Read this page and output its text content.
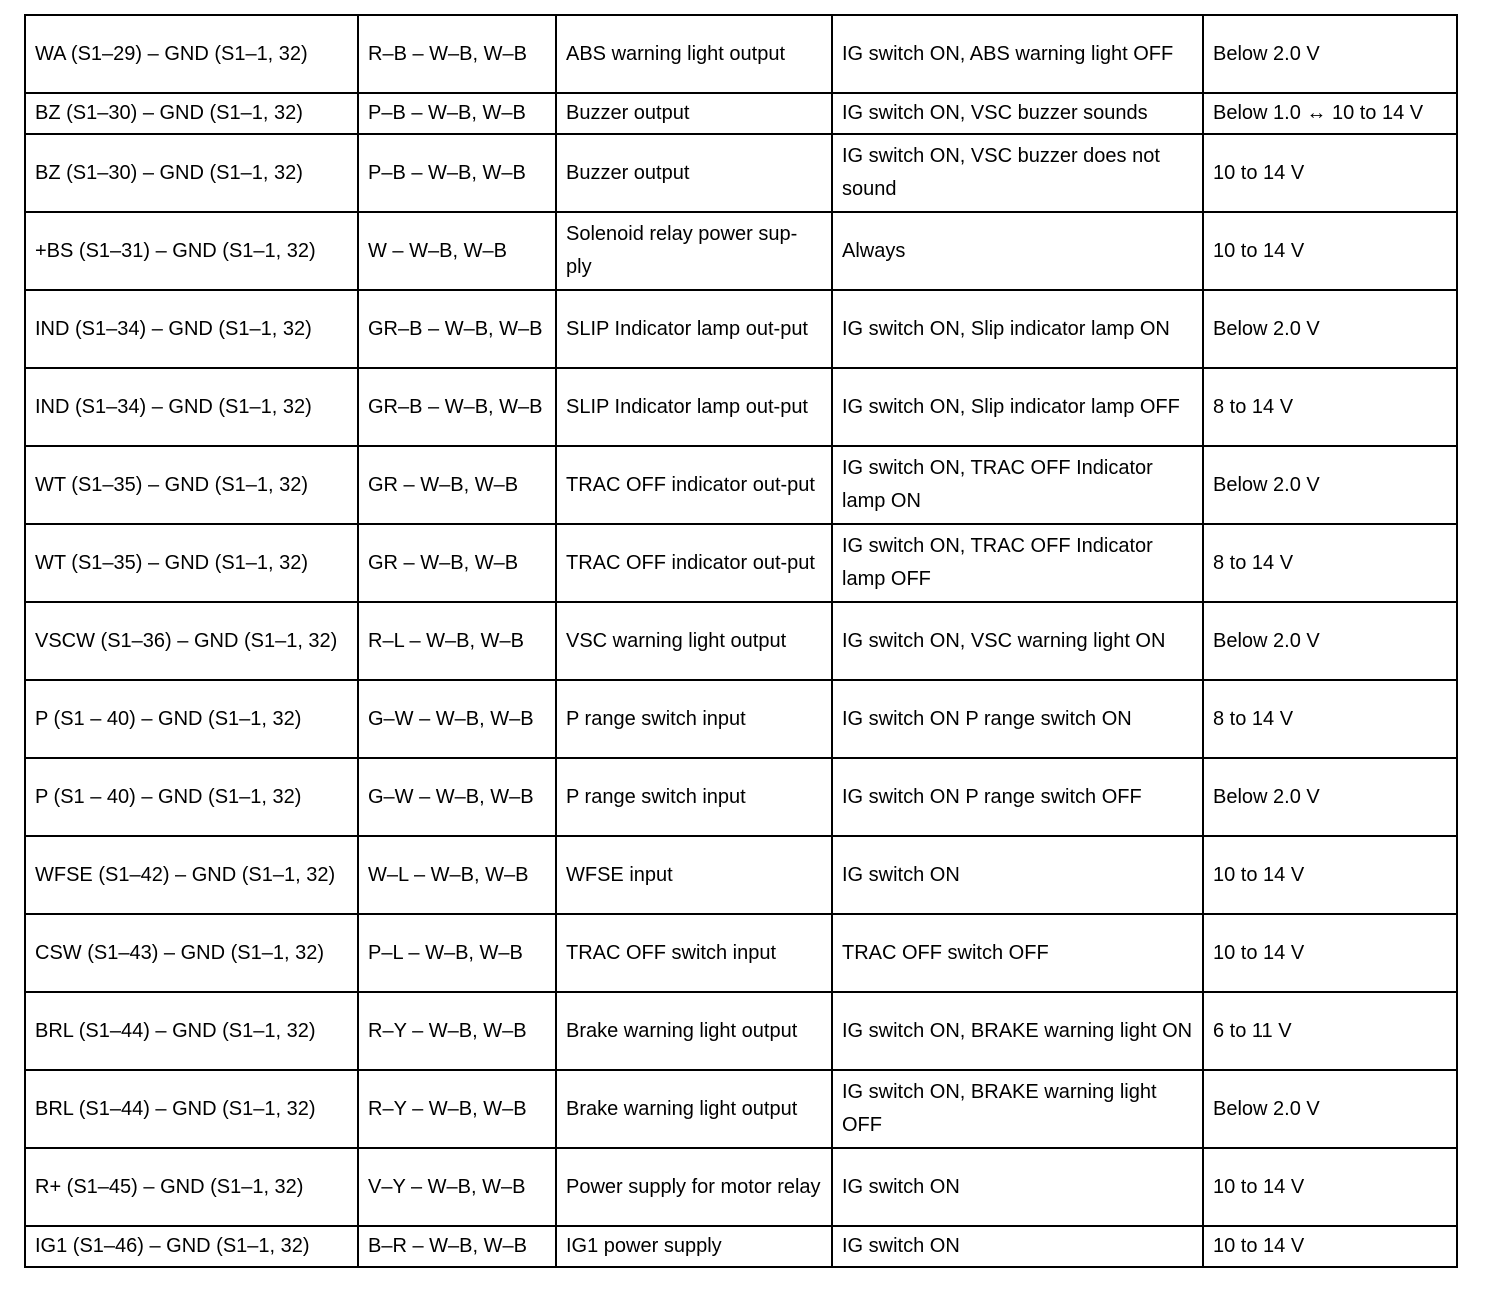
WA (S1–29) – GND (S1–1, 32)	R–B – W–B, W–B	ABS warning light output	IG switch ON, ABS warning light OFF	Below 2.0 V
BZ (S1–30) – GND (S1–1, 32)	P–B – W–B, W–B	Buzzer output	IG switch ON, VSC buzzer sounds	Below 1.0 ↔ 10 to 14 V
BZ (S1–30) – GND (S1–1, 32)	P–B – W–B, W–B	Buzzer output	IG switch ON, VSC buzzer does not sound	10 to 14 V
+BS (S1–31) – GND (S1–1, 32)	W – W–B, W–B	Solenoid relay power sup-ply	Always	10 to 14 V
IND (S1–34) – GND (S1–1, 32)	GR–B – W–B, W–B	SLIP Indicator lamp out-put	IG switch ON, Slip indicator lamp ON	Below 2.0 V
IND (S1–34) – GND (S1–1, 32)	GR–B – W–B, W–B	SLIP Indicator lamp out-put	IG switch ON, Slip indicator lamp OFF	8 to 14 V
WT (S1–35) – GND (S1–1, 32)	GR – W–B, W–B	TRAC OFF indicator out-put	IG switch ON, TRAC OFF Indicator lamp ON	Below 2.0 V
WT (S1–35) – GND (S1–1, 32)	GR – W–B, W–B	TRAC OFF indicator out-put	IG switch ON, TRAC OFF Indicator lamp OFF	8 to 14 V
VSCW (S1–36) – GND (S1–1, 32)	R–L – W–B, W–B	VSC warning light output	IG switch ON, VSC warning light ON	Below 2.0 V
P (S1 – 40) – GND (S1–1, 32)	G–W – W–B, W–B	P range switch input	IG switch ON P range switch ON	8 to 14 V
P (S1 – 40) – GND (S1–1, 32)	G–W – W–B, W–B	P range switch input	IG switch ON P range switch OFF	Below 2.0 V
WFSE (S1–42) – GND (S1–1, 32)	W–L – W–B, W–B	WFSE input	IG switch ON	10 to 14 V
CSW (S1–43) – GND (S1–1, 32)	P–L – W–B, W–B	TRAC OFF switch input	TRAC OFF switch OFF	10 to 14 V
BRL (S1–44) – GND (S1–1, 32)	R–Y – W–B, W–B	Brake warning light output	IG switch ON, BRAKE warning light ON	6 to 11 V
BRL (S1–44) – GND (S1–1, 32)	R–Y – W–B, W–B	Brake warning light output	IG switch ON, BRAKE warning light OFF	Below 2.0 V
R+ (S1–45) – GND (S1–1, 32)	V–Y – W–B, W–B	Power supply for motor relay	IG switch ON	10 to 14 V
IG1 (S1–46) – GND (S1–1, 32)	B–R – W–B, W–B	IG1 power supply	IG switch ON	10 to 14 V
